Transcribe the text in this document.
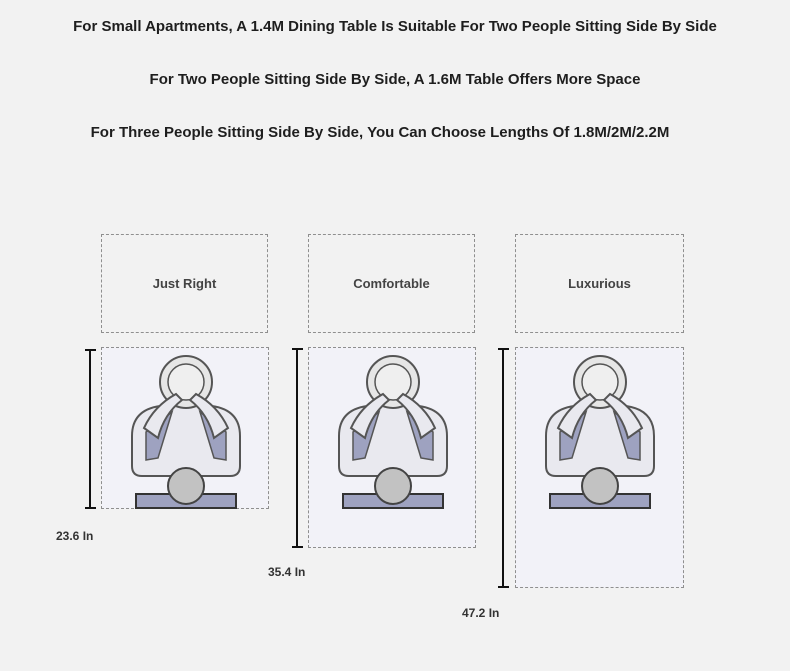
For Small Apartments, A 1.4M Dining Table Is Suitable For Two People Sitting Side By Side
For Two People Sitting Side By Side, A 1.6M Table Offers More Space
For Three People Sitting Side By Side, You Can Choose Lengths Of 1.8M/2M/2.2M
Just Right
23.6 In
Comfortable
35.4 In
Luxurious
47.2 In
